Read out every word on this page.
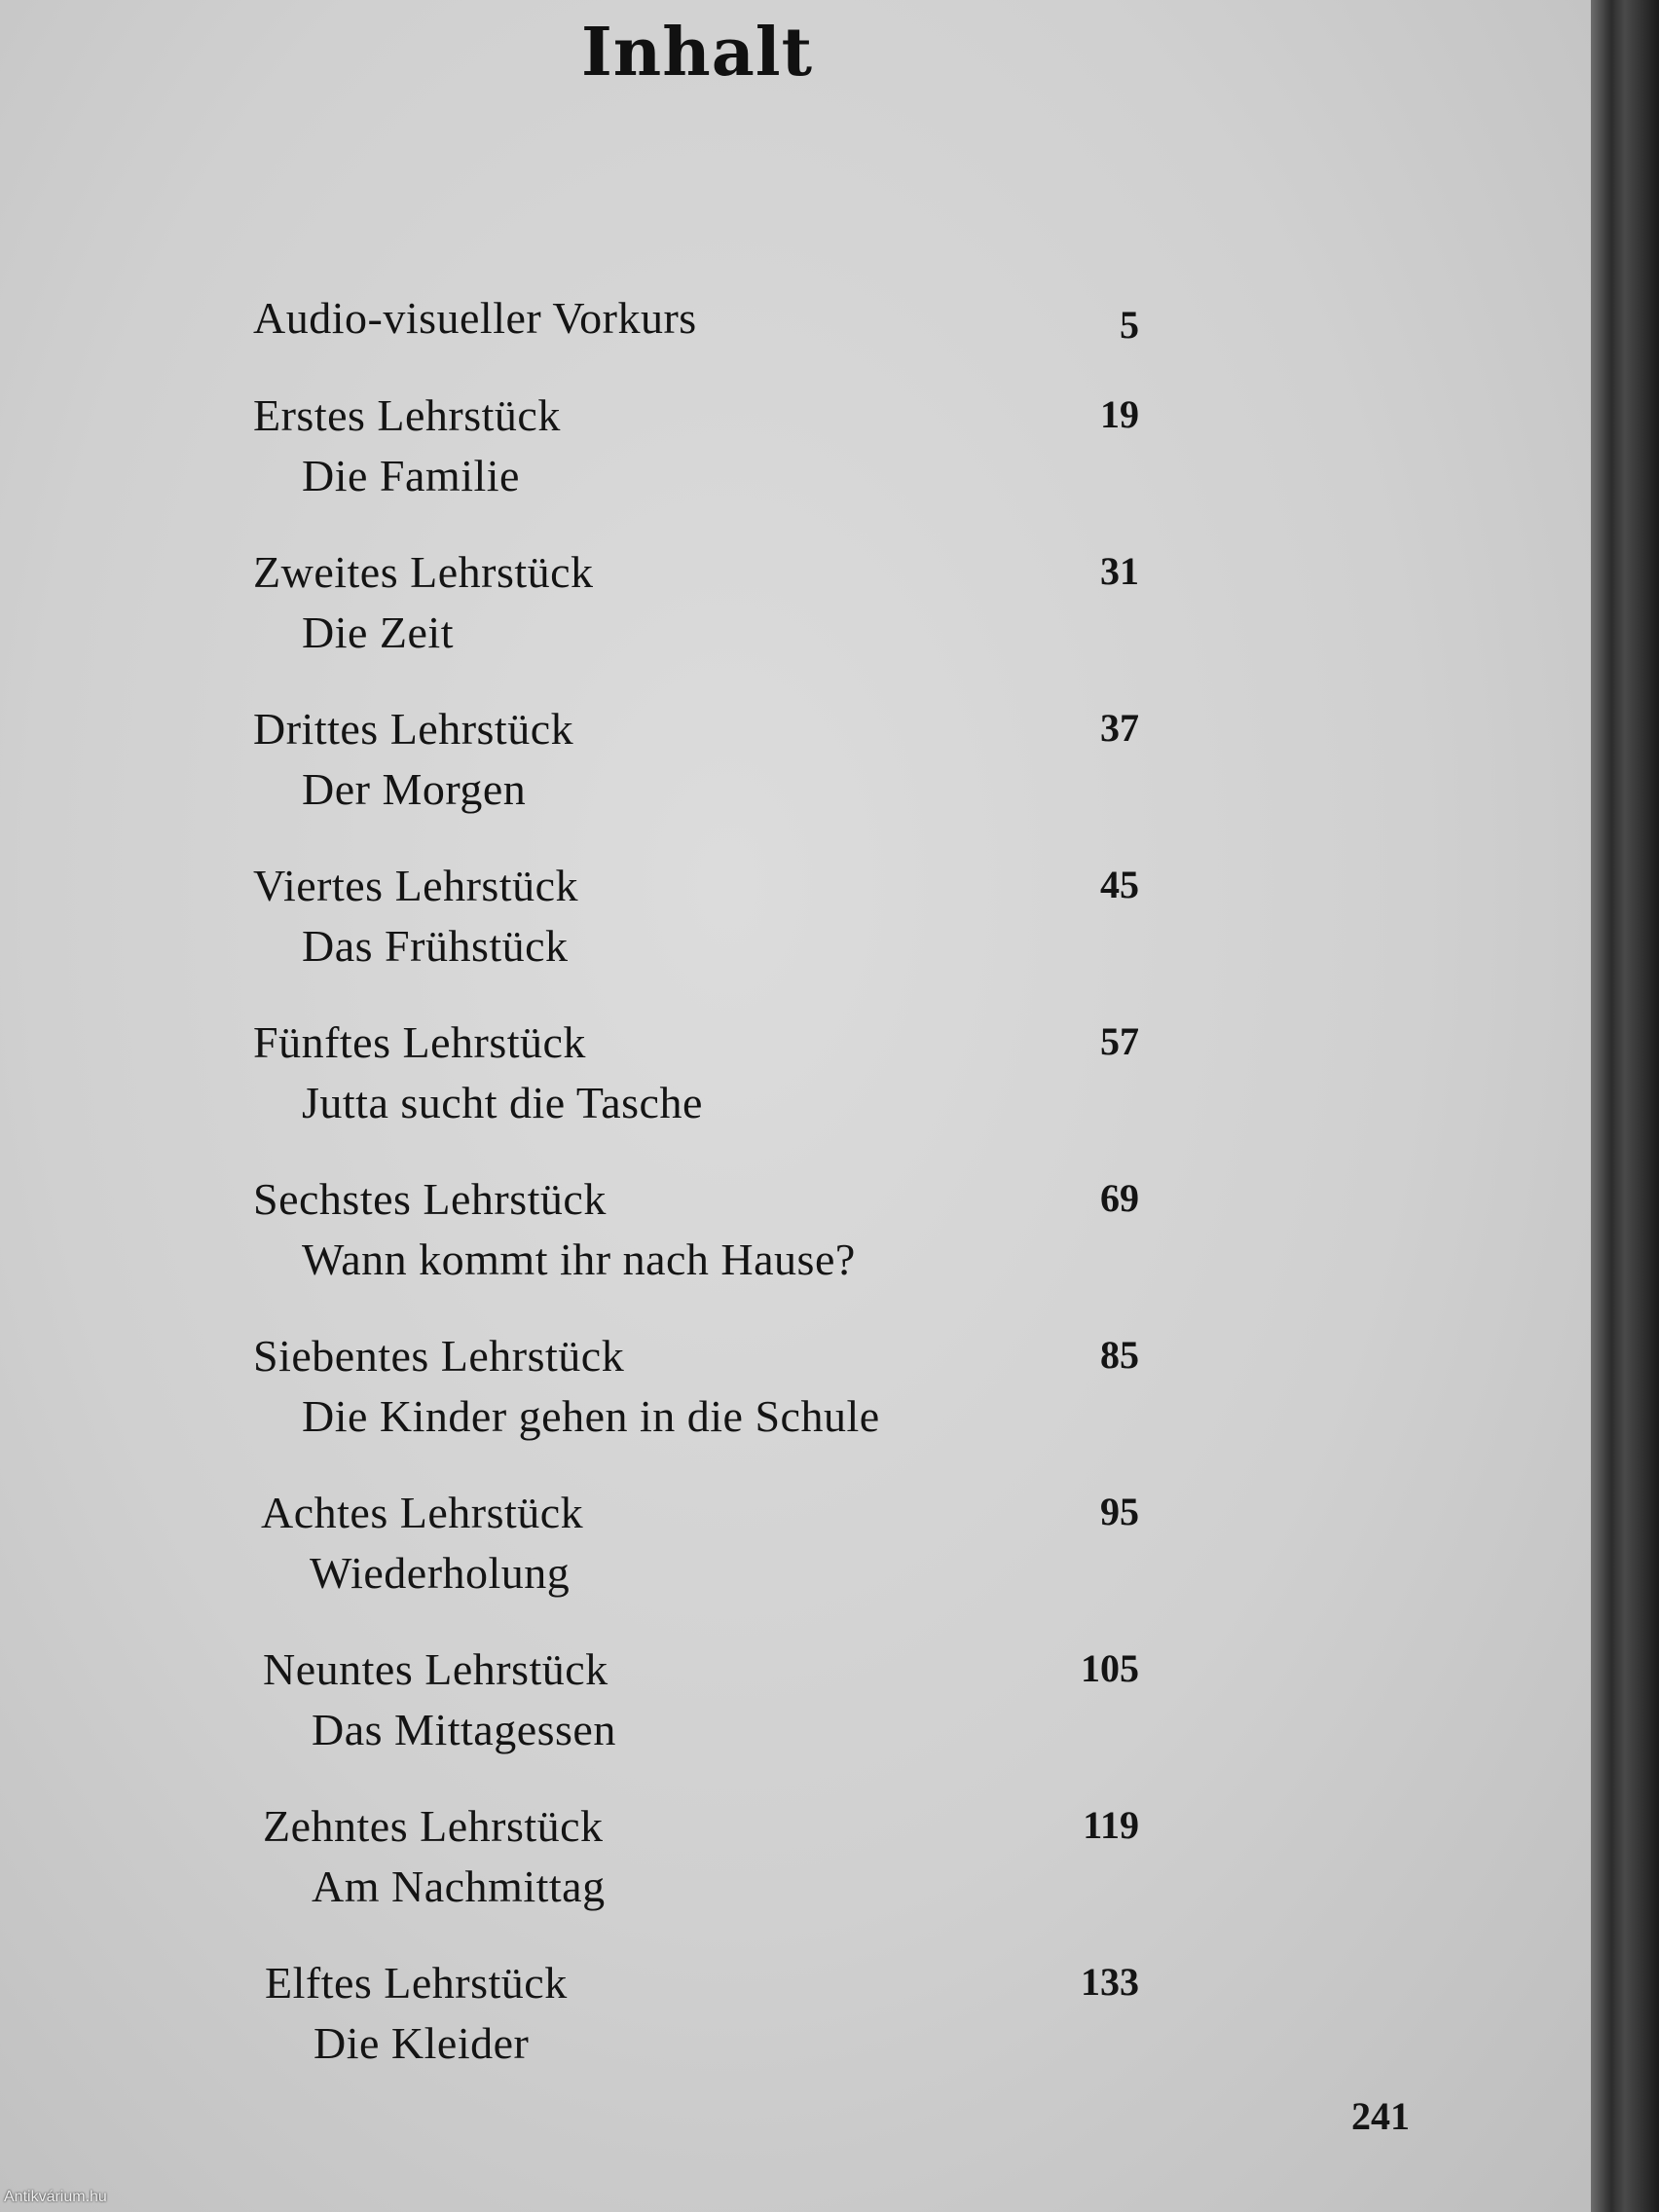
Inhalt
Audio-visueller Vorkurs	5
Erstes Lehrstück
Die Familie
19
Zweites Lehrstück
Die Zeit
31
Drittes Lehrstück
Der Morgen
37
Viertes Lehrstück
Das Frühstück
45
Fünftes Lehrstück
Jutta sucht die Tasche
57
Sechstes Lehrstück
Wann kommt ihr nach Hause?
69
Siebentes Lehrstück
Die Kinder gehen in die Schule
85
Achtes Lehrstück
Wiederholung
95
Neuntes Lehrstück
Das Mittagessen
105
Zehntes Lehrstück
Am Nachmittag
119
Elftes Lehrstück
Die Kleider
133
241
Antikvárium.hu
